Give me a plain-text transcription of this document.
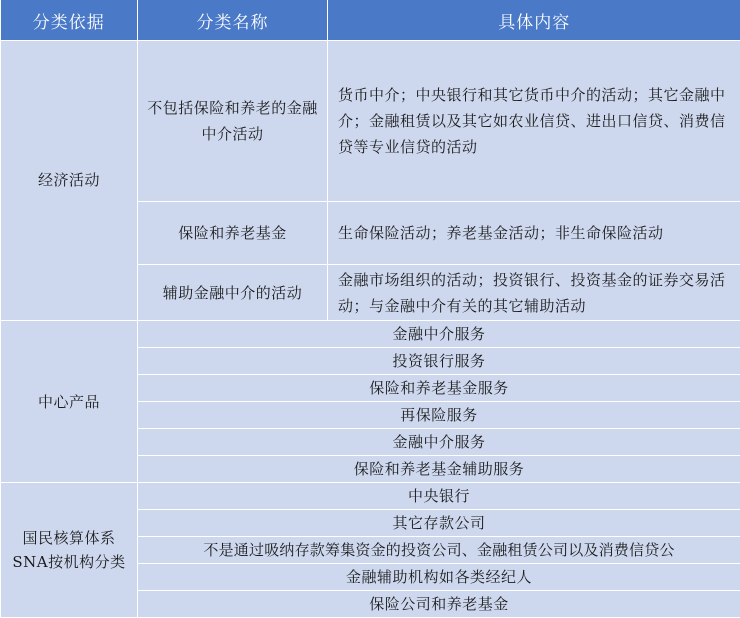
分类依据	分类名称	具体内容
经济活动	不包括保险和养老的金融中介活动	货币中介；中央银行和其它货币中介的活动；其它金融中介；金融租赁以及其它如农业信贷、进出口信贷、消费信贷等专业信贷的活动
	保险和养老基金	生命保险活动；养老基金活动；非生命保险活动
	辅助金融中介的活动	金融市场组织的活动；投资银行、投资基金的证券交易活动；与金融中介有关的其它辅助活动
中心产品	金融中介服务	
	投资银行服务	
	保险和养老基金服务	
	再保险服务	
	金融中介服务	
	保险和养老基金辅助服务	
国民核算体系SNA按机构分类	中央银行	
	其它存款公司	
	不是通过吸纳存款筹集资金的投资公司、金融租赁公司以及消费信贷公	
	金融辅助机构如各类经纪人	
	保险公司和养老基金	
